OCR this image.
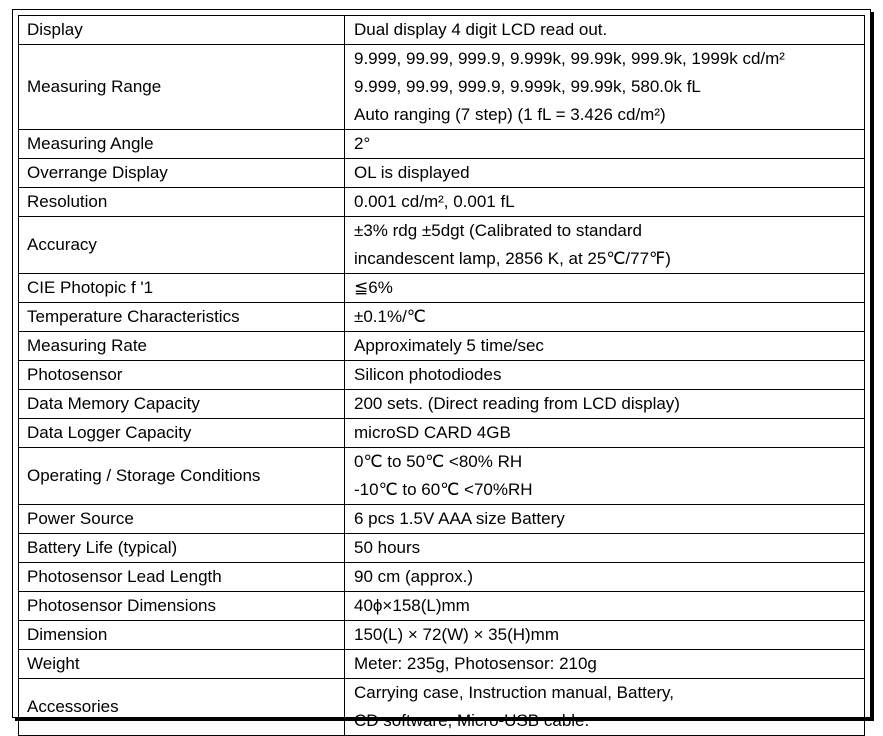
Display	Dual display 4 digit LCD read out.

Measuring Range	9.999, 99.99, 999.9, 9.999k, 99.99k, 999.9k, 1999k cd/m²
9.999, 99.99, 999.9, 9.999k, 99.99k, 580.0k fL
Auto ranging (7 step) (1 fL = 3.426 cd/m²)

Measuring Angle	2°

Overrange Display	OL is displayed

Resolution	0.001 cd/m², 0.001 fL

Accuracy	±3% rdg ±5dgt (Calibrated to standard
incandescent lamp, 2856 K, at 25℃/77℉)

CIE Photopic f '1	≦6%

Temperature Characteristics	±0.1%/℃

Measuring Rate	Approximately 5 time/sec

Photosensor	Silicon photodiodes

Data Memory Capacity	200 sets. (Direct reading from LCD display)

Data Logger Capacity	microSD CARD 4GB

Operating / Storage Conditions	0℃ to 50℃ <80% RH
-10℃ to 60℃ <70%RH

Power Source	6 pcs 1.5V AAA size Battery

Battery Life (typical)	50 hours

Photosensor Lead Length	90 cm (approx.)

Photosensor Dimensions	40ϕ×158(L)mm

Dimension	150(L) × 72(W) × 35(H)mm

Weight	Meter: 235g, Photosensor: 210g

Accessories	Carrying case, Instruction manual, Battery,
CD software, Micro-USB cable.
